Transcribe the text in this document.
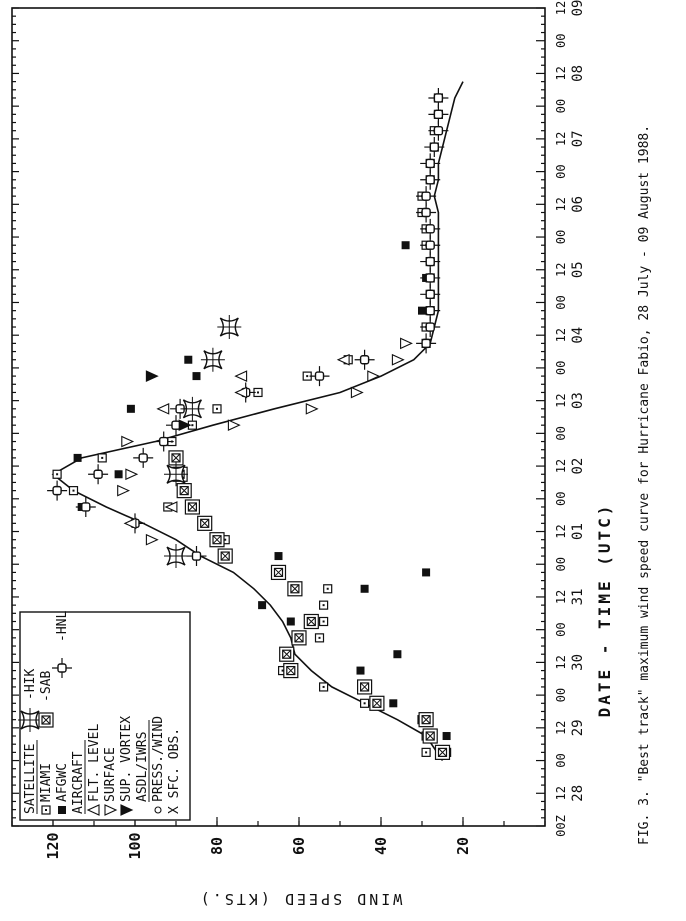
00Z
12
00
12
00
12
00
12
00
12
00
12
00
12
00
12
00
12
00
12
00
12
00
12
00
12
28
29
30
31
01
02
03
04
05
06
07
08
09
20
40
60
80
100
120
SATELLITE
-HIK
MIAMI
-SAB
-HNL
AFGWC AIRCRAFT FLT. LEVEL SURFACE SUP. VORTEX ASDL/IWRS PRESS./WIND X SFC. OBS.	FIG. 3. "Best track" maximum wind speed curve for Hurricane Fabio, 28 July - 09 August 1988.
DATE - TIME (UTC)
WIND SPEED (KTS.)
